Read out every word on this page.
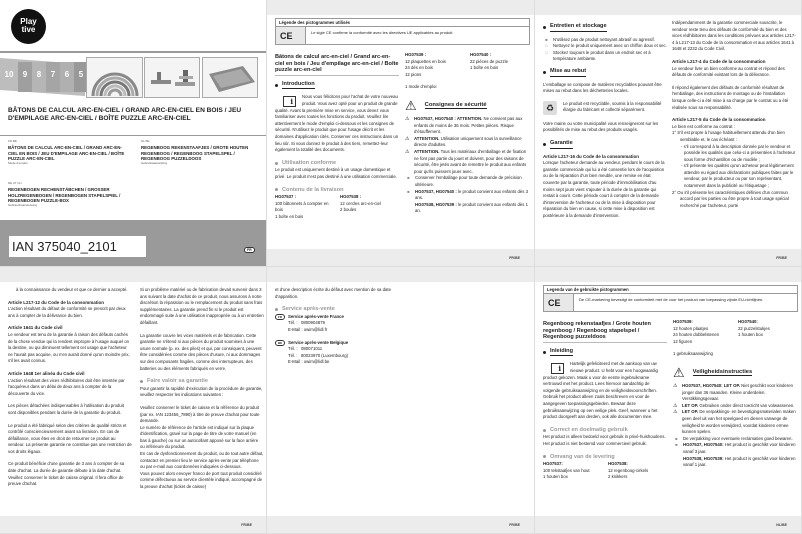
Play tive
10	9	8	7	6	5
BÂTONS DE CALCUL ARC-EN-CIEL / GRAND ARC-EN-CIEL EN BOIS / JEU D'EMPILAGE ARC-EN-CIEL / BOÎTE PUZZLE ARC-EN-CIEL
FR BE
BÂTONS DE CALCUL ARC-EN-CIEL / GRAND ARC-EN-CIEL EN BOIS / JEU D'EMPILAGE ARC-EN-CIEL / BOÎTE PUZZLE ARC-EN-CIEL
Mode d'emploi
NL BE
REGENBOOG REKENSTAAFJES / GROTE HOUTEN REGENBOOG / REGENBOOG STAPELSPEL / REGENBOOG PUZZELDOOS
Gebruiksaanwijzing
DE AT CH
REGENBOGEN RECHENSTÄBCHEN / GROSSER HOLZREGENBOGEN / REGENBOGEN STAPELSPIEL / REGENBOGEN PUZZLE-BOX
Gebrauchsanweisung
IAN 375040_2101	FR
Légende des pictogrammes utilisés
CE	Le sigle CE confirme la conformité avec les directives UE applicables au produit.
Bâtons de calcul arc-en-ciel / Grand arc-en-ciel en bois / Jeu d'empilage arc-en-ciel / Boîte puzzle arc-en-ciel
Introduction
i
Nous vous félicitons pour l'achat de votre nouveau produit. Vous avez opté pour un produit de grande qualité. Avant la première mise en service, vous devez vous familiariser avec toutes les fonctions du produit. Veuillez lire attentivement le mode d'emploi ci-dessous et les consignes de sécurité. N'utilisez le produit que pour l'usage décrit et les domaines d'application cités. Conserver ces instructions dans un lieu sûr. Si vous donnez le produit à des tiers, remettez-leur également la totalité des documents.
Utilisation conforme
Le produit est uniquement destiné à un usage domestique et privé. Le produit n'est pas destiné à une utilisation commerciale.
Contenu de la livraison
HG07537 :
100 bâtonnets à compter en bois
1 boîte en bois
HG07538 :
12 cercles arc-en-ciel
2 boules
HG07539 :
12 plaquettes en bois
24 dés en bois
12 pions
HG07540 :
22 pièces de puzzle
1 boîte en bois
1 mode d'emploi
⚠ Consignes de sécurité
⚠	HG07537, HG07540 : ATTENTION. Ne convient pas aux enfants de moins de 36 mois. Petites pièces. Risque d'étouffement.
⚠	ATTENTION. Utilisation uniquement sous la surveillance directe d'adultes.
⚠	ATTENTION. Tous les matériaux d'emballage et de fixation ne font pas partie du jouet et doivent, pour des raisons de sécurité, être jetés avant de remettre le produit aux enfants pour qu'ils puissent jouer avec.
■	Conserver l'emballage pour toute demande de précision ultérieure.
■	HG07537, HG07540 : le produit convient aux enfants dès 3 ans.
HG07538, HG07539 : le produit convient aux enfants dès 1 an.
FR/BE
Entretien et stockage
■	N'utilisez pas de produit nettoyant abrasif ou agressif.
□	Nettoyez le produit uniquement avec un chiffon doux et sec.
□	Stockez toujours le produit dans un endroit sec et à température ambiante.
Mise au rebut
L'emballage se compose de matières recyclables pouvant être mises au rebut dans les déchetteries locales.
♻	Le produit est recyclable, soumis à la responsabilité élargie du fabricant et collecté séparément.
Votre mairie ou votre municipalité vous renseigneront sur les possibilités de mise au rebut des produits usagés.
Garantie
Article L217-16 du Code de la consommation
Lorsque l'acheteur demande au vendeur, pendant le cours de la garantie commerciale qui lui a été consentie lors de l'acquisition ou de la réparation d'un bien meuble, une remise en état couverte par la garantie, toute période d'immobilisation d'au moins sept jours vient s'ajouter à la durée de la garantie qui restait à courir. Cette période court à compter de la demande d'intervention de l'acheteur ou de la mise à disposition pour réparation du bien en cause, si cette mise à disposition est postérieure à la demande d'intervention.
Indépendamment de la garantie commerciale souscrite, le vendeur reste tenu des défauts de conformité du bien et des vices rédhibitoires dans les conditions prévues aux articles L217-4 à L217-13 du Code de la consommation et aux articles 1641 à 1648 et 2232 du Code Civil.
Article L217-4 du Code de la consommation
Le vendeur livre un bien conforme au contrat et répond des défauts de conformité existant lors de la délivrance.
Il répond également des défauts de conformité résultant de l'emballage, des instructions de montage ou de l'installation lorsque celle-ci a été mise à sa charge par le contrat ou a été réalisée sous sa responsabilité.
Article L217-5 du Code de la consommation
Le bien est conforme au contrat :
1° S'il est propre à l'usage habituellement attendu d'un bien semblable et, le cas échéant :
- s'il correspond à la description donnée par le vendeur et possède les qualités que celui-ci a présentées à l'acheteur sous forme d'échantillon ou de modèle ;
- s'il présente les qualités qu'un acheteur peut légitimement attendre eu égard aux déclarations publiques faites par le vendeur, par le producteur ou par son représentant, notamment dans la publicité ou l'étiquetage ;
2° Ou s'il présente les caractéristiques définies d'un commun accord par les parties ou être propre à tout usage spécial recherché par l'acheteur, porté
FR/BE
à la connaissance du vendeur et que ce dernier a accepté.
Article L217-12 du Code de la consommation
L'action résultant du défaut de conformité se prescrit par deux ans à compter de la délivrance du bien.
Article 1641 du Code civil
Le vendeur est tenu de la garantie à raison des défauts cachés de la chose vendue qui la rendent impropre à l'usage auquel on la destine, ou qui diminuent tellement cet usage que l'acheteur ne l'aurait pas acquise, ou n'en aurait donné qu'un moindre prix, s'il les avait connus.
Article 1648 1er alinéa du Code civil
L'action résultant des vices rédhibitoires doit être intentée par l'acquéreur dans un délai de deux ans à compter de la découverte du vice.
Les pièces détachées indispensables à l'utilisation du produit sont disponibles pendant la durée de la garantie du produit.
Le produit a été fabriqué selon des critères de qualité stricts et contrôlé consciencieusement avant sa livraison. En cas de défaillance, vous êtes en droit de retourner ce produit au vendeur. La présente garantie ne constitue pas une restriction de vos droits légaux.
Ce produit bénéficie d'une garantie de 3 ans à compter de sa date d'achat. La durée de garantie débute à la date d'achat. Veuillez conserver le ticket de caisse original. Il fera office de preuve d'achat.
Si un problème matériel ou de fabrication devait survenir dans 3 ans suivant la date d'achat de ce produit, nous assurons à notre discrétion la réparation ou le remplacement du produit sans frais supplémentaires. La garantie prend fin si le produit est endommagé suite à une utilisation inappropriée ou à un entretien défaillant.
La garantie couvre les vices matériels et de fabrication. Cette garantie ne s'étend ni aux pièces du produit soumises à une usure normale (p. ex. des piles) et qui, par conséquent, peuvent être considérées comme des pièces d'usure, ni aux dommages sur des composants fragiles, comme des interrupteurs, des batteries ou des éléments fabriqués en verre.
Faire valoir sa garantie
Pour garantir la rapidité d'exécution de la procédure de garantie, veuillez respecter les indications suivantes :
Veuillez conserver le ticket de caisse et la référence du produit (par ex. IAN 123456_7890) à titre de preuve d'achat pour toute demande.
Le numéro de référence de l'article est indiqué sur la plaque d'identification, gravé sur la page de titre de votre manuel (en bas à gauche) ou sur un autocollant apposé sur la face arrière ou inférieure du produit.
En cas de dysfonctionnement du produit, ou de tout autre défaut, contactez en premier lieu le service après-vente par téléphone ou par e-mail aux coordonnées indiquées ci-dessous.
Vous pouvez alors envoyer franco de port tout produit considéré comme défectueux au service clientèle indiqué, accompagné de la preuve d'achat (ticket de caisse)
FR/BE
et d'une description écrite du défaut avec mention de sa date d'apparition.
Service après-vente
FR Service après-vente France
Tél. : 0800904879
E-Mail : owim@lidl.fr
BE Service après-vente Belgique
Tél. : 080071011
Tél. : 80023970 (Luxembourg)
E-Mail : owim@lidl.be
FR/BE
Legenda van de gebruikte pictogrammen
CE	De CE-markering bevestigt de conformiteit met de voor het product van toepassing zijnde EU-richtlijnen.
Regenboog rekenstaafjes / Grote houten regenboog / Regenboog stapelspel / Regenboog puzzeldoos
Inleiding
i
Hartelijk gefeliciteerd met de aankoop van uw nieuwe product. U hebt voor een hoogwaardig product gekozen. Maak u voor de eerste ingebruikname vertrouwd met het product. Lees hiervoor aandachtig de volgende gebruiksaanwijzing en de veiligheidsvoorschriften. Gebruik het product alleen zoals beschreven en voor de aangegeven toepassingsgebieden. Bewaar deze gebruiksaanwijzing op een veilige plek. Geef, wanneer u het product doorgeeft aan derden, ook alle documenten mee.
Correct en doelmatig gebruik
Het product is alleen bedoeld voor gebruik in privé-huishoudens. Het product is niet bestemd voor commercieel gebruik.
Omvang van de levering
HG07537:
100 tekstaafjes van hout
1 houten box
HG07538:
12 regenboog-cirkels
2 knikkers
HG07539:
12 houten plaatjes
24 houten dobbelstenen
12 figuren
HG07540:
22 puzzelstukjes
1 houten box
1 gebruiksaanwijzing
⚠ Veiligheidsinstructies
⚠	HG07537, HG07540: LET OP. Niet geschikt voor kinderen jonger dan 36 maanden. Kleine onderdelen. Verstikkingsgevaar.
⚠	LET OP. Gebruiken onder direct toezicht van volwassenen.
⚠	LET OP. De verpakkings- en bevestigingsmaterialen maken geen deel uit van het speelgoed en dienen vanwege de veiligheid te worden verwijderd, voordat kinderen ermee kunnen spelen.
■	De verpakking voor eventuele reclamaties goed bewaren.
■	HG07537, HG07540: Het product is geschikt voor kinderen vanaf 3 jaar.
HG07538, HG07539: Het product is geschikt voor kinderen vanaf 1 jaar.
NL/BE
